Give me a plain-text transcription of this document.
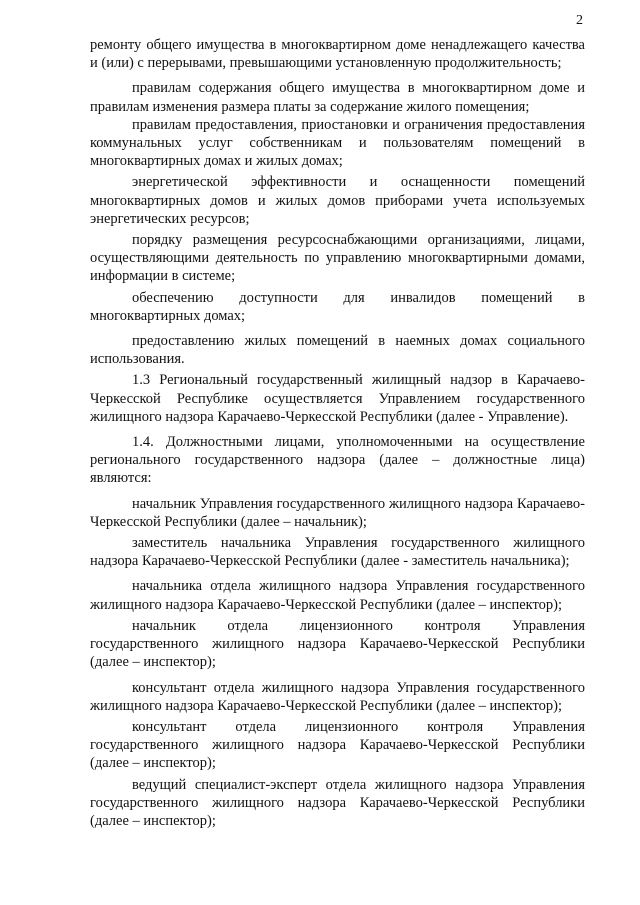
2

ремонту общего имущества в многоквартирном доме ненадлежащего качества и (или) с перерывами, превышающими установленную продолжительность;

правилам содержания общего имущества в многоквартирном доме и правилам изменения размера платы за содержание жилого помещения;

правилам предоставления, приостановки и ограничения предоставления коммунальных услуг собственникам и пользователям помещений в многоквартирных домах и жилых домах;

энергетической эффективности и оснащенности помещений многоквартирных домов и жилых домов приборами учета используемых энергетических ресурсов;

порядку размещения ресурсоснабжающими организациями, лицами, осуществляющими деятельность по управлению многоквартирными домами, информации в системе;

обеспечению доступности для инвалидов помещений в многоквартирных домах;

предоставлению жилых помещений в наемных домах социального использования.

1.3 Региональный государственный жилищный надзор в Карачаево-Черкесской Республике осуществляется Управлением государственного жилищного надзора Карачаево-Черкесской Республики (далее - Управление).

1.4. Должностными лицами, уполномоченными на осуществление регионального государственного надзора (далее – должностные лица) являются:

начальник Управления государственного жилищного надзора Карачаево-Черкесской Республики (далее – начальник);

заместитель начальника Управления государственного жилищного надзора Карачаево-Черкесской Республики (далее - заместитель начальника);

начальника отдела жилищного надзора Управления государственного жилищного надзора Карачаево-Черкесской Республики (далее – инспектор);

начальник отдела лицензионного контроля Управления государственного жилищного надзора Карачаево-Черкесской Республики (далее – инспектор);

консультант отдела жилищного надзора Управления государственного жилищного надзора Карачаево-Черкесской Республики (далее – инспектор);

консультант отдела лицензионного контроля Управления государственного жилищного надзора Карачаево-Черкесской Республики (далее – инспектор);

ведущий специалист-эксперт отдела жилищного надзора Управления государственного жилищного надзора Карачаево-Черкесской Республики (далее – инспектор);
